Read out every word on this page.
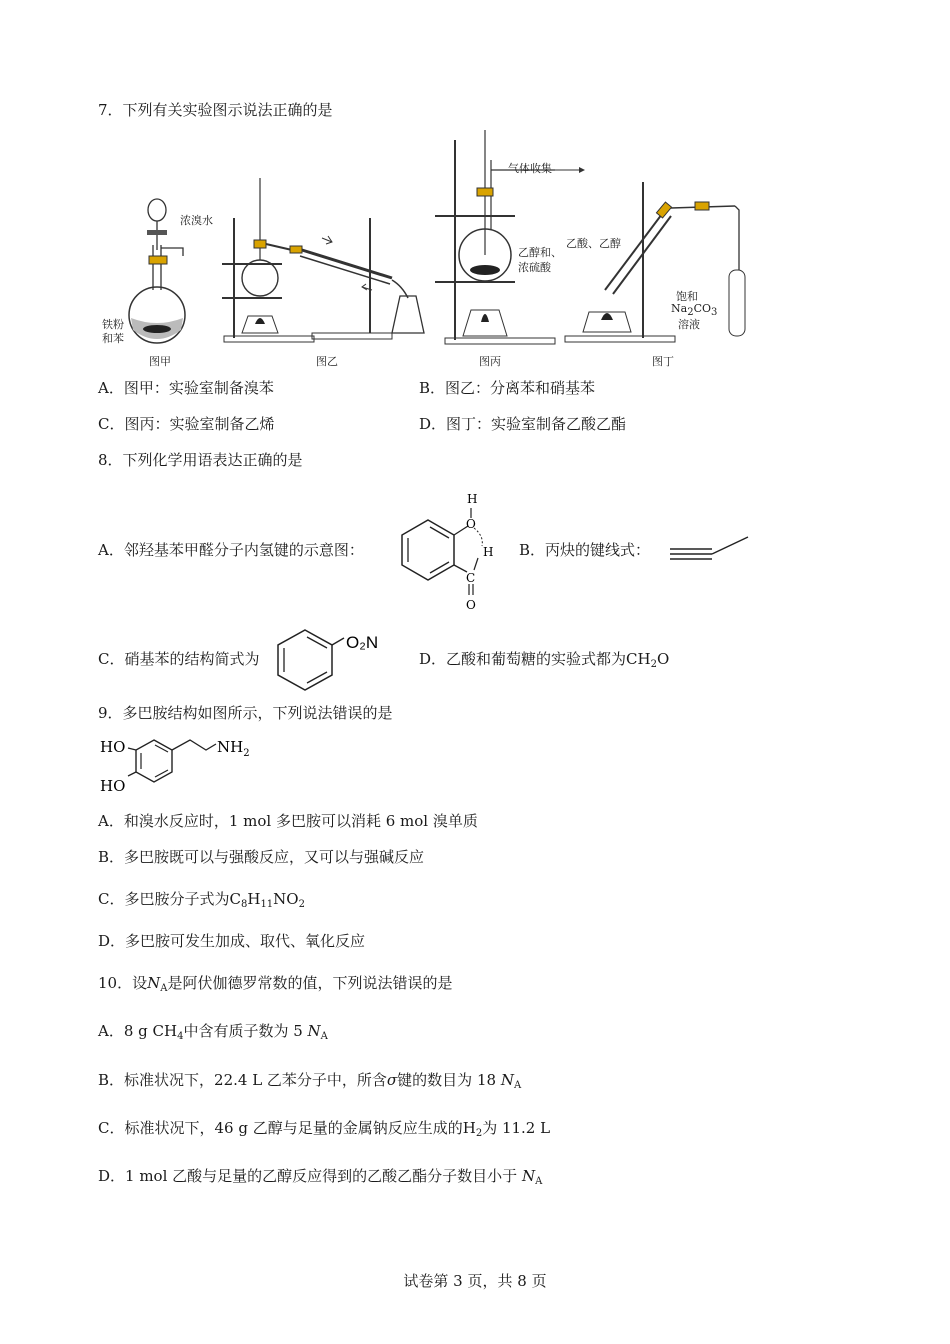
7．下列有关实验图示说法正确的是
浓溴水
铁粉
和苯
气体收集
乙醇和、
浓硫酸
乙酸、乙醇
饱和
$Na_2CO_3$
溶液
图甲	图乙	图丙	图丁
A．图甲：实验室制备溴苯	B．图乙：分离苯和硝基苯
C．图丙：实验室制备乙烯	D．图丁：实验室制备乙酸乙酯
8．下列化学用语表达正确的是
A．邻羟基苯甲醛分子内氢键的示意图：
H
O
H
C
O
B．丙炔的键线式：
C．硝基苯的结构简式为
O₂N
D．乙酸和葡萄糖的实验式都为$CH_2O$
9．多巴胺结构如图所示，下列说法错误的是
HO
HO
$NH_2$
A．和溴水反应时，1 mol 多巴胺可以消耗 6 mol 溴单质
B．多巴胺既可以与强酸反应，又可以与强碱反应
C．多巴胺分子式为$C_8H_{11}NO_2$
D．多巴胺可发生加成、取代、氧化反应
10．设$N_A$是阿伏伽德罗常数的值，下列说法错误的是
A．8 g $CH_4$中含有质子数为 5 $N_A$
B．标准状况下，22.4 L 乙苯分子中，所含σ键的数目为 18 $N_A$
C．标准状况下，46 g 乙醇与足量的金属钠反应生成的$H_2$为 11.2 L
D．1 mol 乙酸与足量的乙醇反应得到的乙酸乙酯分子数目小于 $N_A$
试卷第 3 页，共 8 页
